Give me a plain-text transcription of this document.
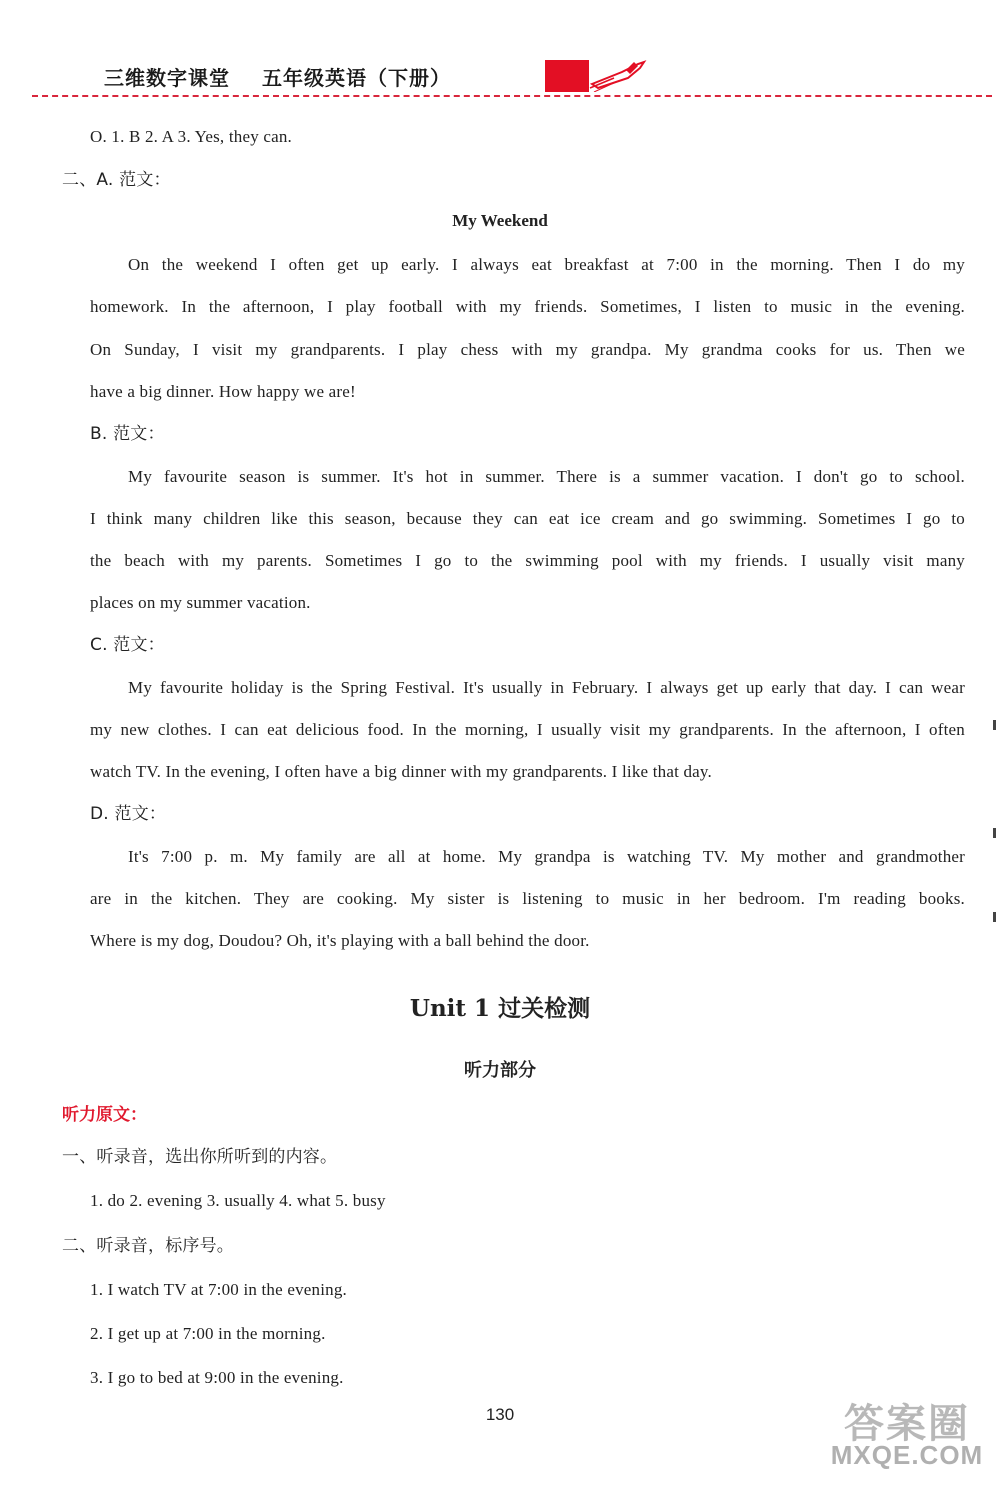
三维数字课堂 五年级英语（下册）
O. 1. B 2. A 3. Yes, they can.
二、A. 范文：
My Weekend
On the weekend I often get up early. I always eat breakfast at 7:00 in the morning. Then I do my
homework. In the afternoon, I play football with my friends. Sometimes, I listen to music in the evening.
On Sunday, I visit my grandparents. I play chess with my grandpa. My grandma cooks for us. Then we
have a big dinner. How happy we are!
B. 范文：
My favourite season is summer. It's hot in summer. There is a summer vacation. I don't go to school.
I think many children like this season, because they can eat ice cream and go swimming. Sometimes I go to
the beach with my parents. Sometimes I go to the swimming pool with my friends. I usually visit many
places on my summer vacation.
C. 范文：
My favourite holiday is the Spring Festival. It's usually in February. I always get up early that day. I can wear
my new clothes. I can eat delicious food. In the morning, I usually visit my grandparents. In the afternoon, I often
watch TV. In the evening, I often have a big dinner with my grandparents. I like that day.
D. 范文：
It's 7:00 p. m. My family are all at home. My grandpa is watching TV. My mother and grandmother
are in the kitchen. They are cooking. My sister is listening to music in her bedroom. I'm reading books.
Where is my dog, Doudou? Oh, it's playing with a ball behind the door.
Unit 1 过关检测
听力部分
听力原文：
一、听录音，选出你所听到的内容。
1. do 2. evening 3. usually 4. what 5. busy
二、听录音，标序号。
1. I watch TV at 7:00 in the evening.
2. I get up at 7:00 in the morning.
3. I go to bed at 9:00 in the evening.
130	答案圈
MXQE.COM
